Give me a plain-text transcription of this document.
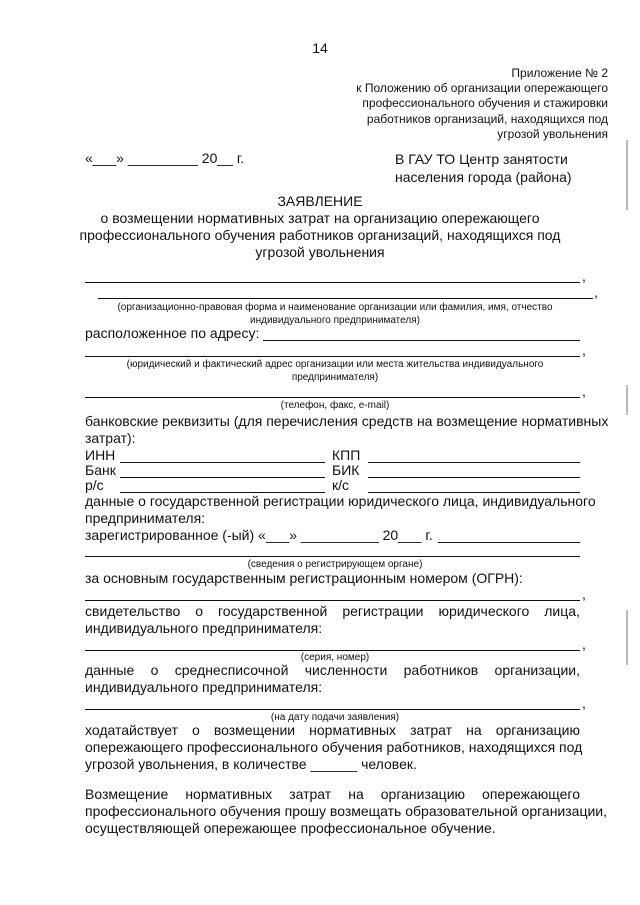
14
Приложение № 2
к Положению об организации опережающего
профессионального обучения и стажировки
работников организаций, находящихся под
угрозой увольнения
«___» _________ 20__ г.	В ГАУ ТО Центр занятости
населения города (района)
ЗАЯВЛЕНИЕ
о возмещении нормативных затрат на организацию опережающего
профессионального обучения работников организаций, находящихся под
угрозой увольнения
,
,
(организационно-правовая форма и наименование организации или фамилия, имя, отчество
индивидуального предпринимателя)
расположенное по адресу:
,
(юридический и фактический адрес организации или места жительства индивидуального
предпринимателя)
,
(телефон, факс, e-mail)
банковские реквизиты (для перечисления средств на возмещение нормативных
затрат):
ИНН	КПП
Банк	БИК
р/с	к/с
данные о государственной регистрации юридического лица, индивидуального
предпринимателя:
зарегистрированное (-ый) «___» __________ 20___ г.
(сведения о регистрирующем органе)
за основным государственным регистрационным номером (ОГРН):
,
свидетельство о государственной регистрации юридического лица,
индивидуального предпринимателя:
,
(серия, номер)
данные о среднесписочной численности работников организации,
индивидуального предпринимателя:
,
(на дату подачи заявления)
ходатайствует о возмещении нормативных затрат на организацию
опережающего профессионального обучения работников, находящихся под
угрозой увольнения, в количестве ______ человек.
Возмещение нормативных затрат на организацию опережающего
профессионального обучения прошу возмещать образовательной организации,
осуществляющей опережающее профессиональное обучение.
